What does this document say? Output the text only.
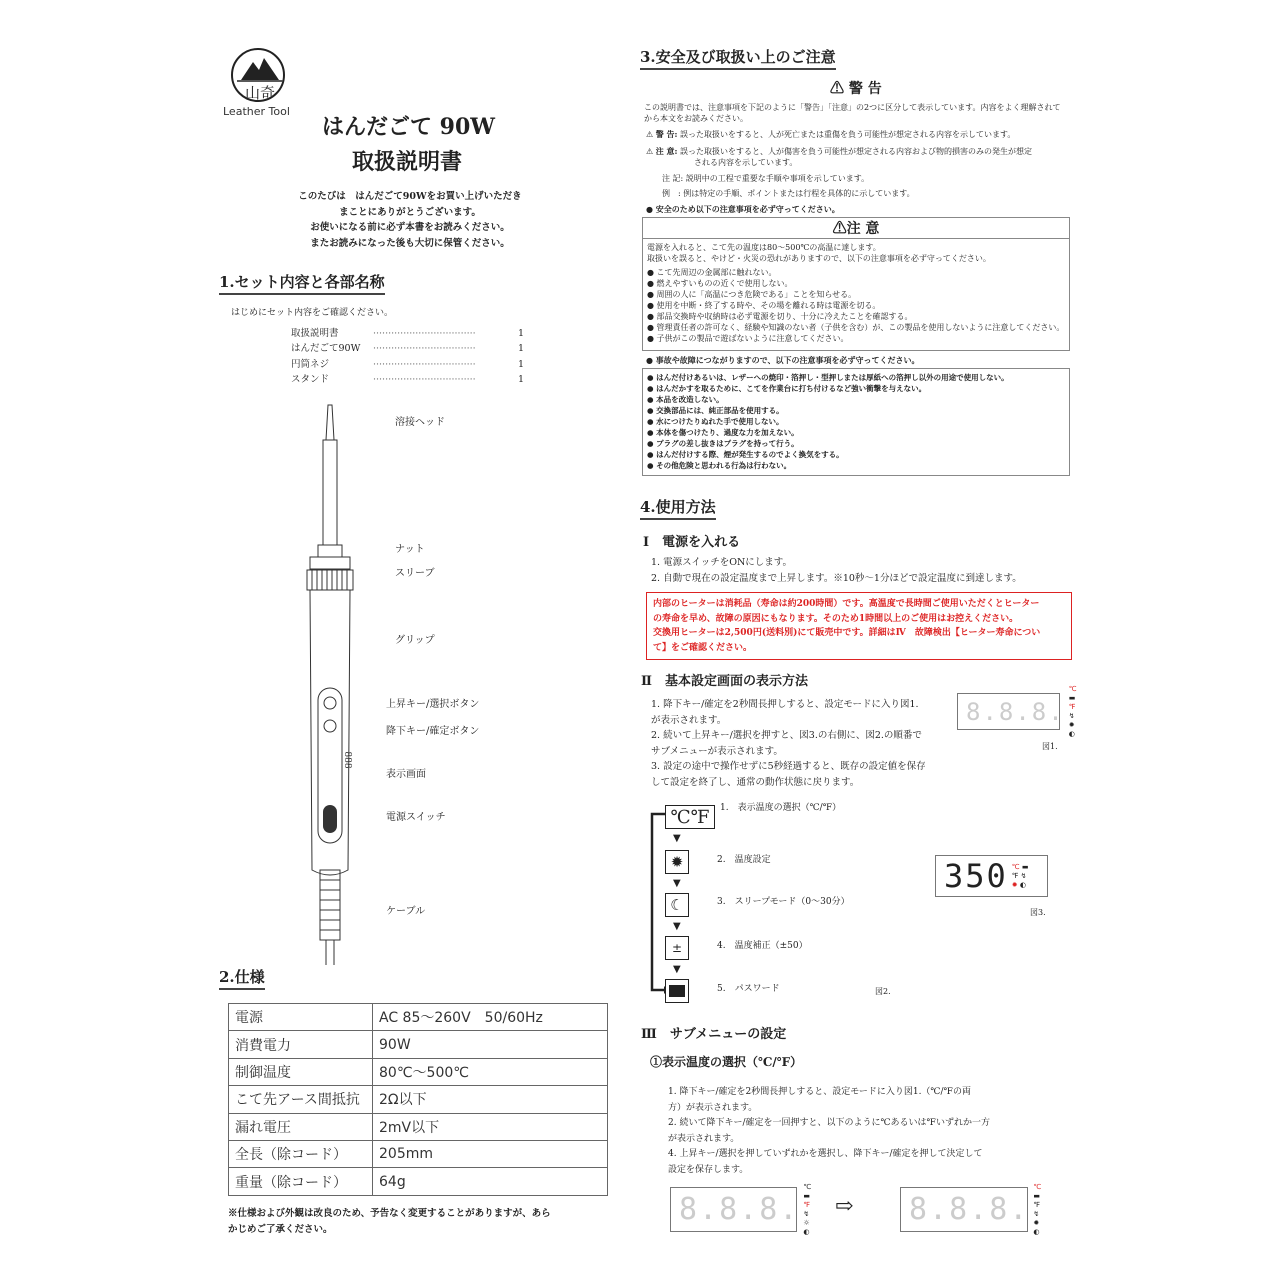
山奇
Leather Tool
はんだごて 90W
取扱説明書
このたびは　はんだごて90Wをお買い上げいただき
まことにありがとうございます。
お使いになる前に必ず本書をお読みください。
またお読みになった後も大切に保管ください。
1.セット内容と各部名称
はじめにセット内容をご確認ください。
取扱説明書	··································	1
はんだごて90W ··································	1
円筒ネジ	··································	1
スタンド	··································	1
888
溶接ヘッド
ナット
スリーブ
グリップ
上昇キー/選択ボタン
降下キー/確定ボタン
表示画面
電源スイッチ
ケーブル
2.仕様
電源	AC 85〜260V　50/60Hz
消費電力	90W
制御温度	80℃〜500℃
こて先アース間抵抗	2Ω以下
漏れ電圧	2mV以下
全長（除コード）	205mm
重量（除コード）	64g
※仕様および外観は改良のため、予告なく変更することがありますが、あら
かじめご了承ください。
3.安全及び取扱い上のご注意
⚠ 警 告
この説明書では、注意事項を下記のように「警告」「注意」の2つに区分して表示しています。内容をよく理解されて
から本文をお読みください。
⚠ 警 告: 誤った取扱いをすると、人が死亡または重傷を負う可能性が想定される内容を示しています。
⚠ 注 意: 誤った取扱いをすると、人が傷害を負う可能性が想定される内容および物的損害のみの発生が想定
される内容を示しています。
注 記: 説明中の工程で重要な手順や事項を示しています。
例　: 例は特定の手順、ポイントまたは行程を具体的に示しています。
● 安全のため以下の注意事項を必ず守ってください。
⚠注 意
電源を入れると、こて先の温度は80〜500℃の高温に達します。
取扱いを誤ると、やけど・火災の恐れがありますので、以下の注意事項を必ず守ってください。
● こて先周辺の金属部に触れない。
● 燃えやすいものの近くで使用しない。
● 周囲の人に「高温につき危険である」ことを知らせる。
● 使用を中断・終了する時や、その場を離れる時は電源を切る。
● 部品交換時や収納時は必ず電源を切り、十分に冷えたことを確認する。
● 管理責任者の許可なく、経験や知識のない者（子供を含む）が、この製品を使用しないように注意してください。
● 子供がこの製品で遊ばないように注意してください。
● 事故や故障につながりますので、以下の注意事項を必ず守ってください。
● はんだ付けあるいは、レザーへの焼印・箔押し・型押しまたは厚紙への箔押し以外の用途で使用しない。
● はんだかすを取るために、こてを作業台に打ち付けるなど強い衝撃を与えない。
● 本品を改造しない。
● 交換部品には、純正部品を使用する。
● 水につけたりぬれた手で使用しない。
● 本体を傷つけたり、過度な力を加えない。
● プラグの差し抜きはプラグを持って行う。
● はんだ付けする際、煙が発生するのでよく換気をする。
● その他危険と思われる行為は行わない。
4.使用方法
Ⅰ　電源を入れる
1. 電源スイッチをONにします。
2. 自動で現在の設定温度まで上昇します。※10秒〜1分ほどで設定温度に到達します。
内部のヒーターは消耗品（寿命は約200時間）です。高温度で長時間ご使用いただくとヒーター
の寿命を早め、故障の原因にもなります。そのため1時間以上のご使用はお控えください。
交換用ヒーターは2,500円(送料別)にて販売中です。詳細はⅣ　故障検出【ヒーター寿命につい
て】をご確認ください。
Ⅱ　基本設定画面の表示方法
1. 降下キー/確定を2秒間長押しすると、設定モードに入り図1.
が表示されます。
2. 続いて上昇キー/選択を押すと、図3.の右側に、図2.の順番で
サブメニューが表示されます。
3. 設定の途中で操作せずに5秒経過すると、既存の設定値を保存
して設定を終了し、通常の動作状態に戻ります。
8.8.8.
℃ ▬
℉ ↯
✹ ◐
図1.
℃℉
▼
✹
▼
☾
▼
±
▼
1.　表示温度の選択（℃/℉）
2.　温度設定
3.　スリープモード（0〜30分）
4.　温度補正（±50）
5.　パスワード	図2.
350 ℃ ▬
℉ ↯
✹ ◐
図3.
Ⅲ　サブメニューの設定
①表示温度の選択（℃/℉）
1. 降下キー/確定を2秒間長押しすると、設定モードに入り図1.（℃/℉の両
方）が表示されます。
2. 続いて降下キー/確定を一回押すと、以下のように℃あるいは℉いずれか一方
が表示されます。
4. 上昇キー/選択を押していずれかを選択し、降下キー/確定を押して決定して
設定を保存します。
8.8.8.
℃ ▬
℉ ↯
☼ ◐
⇨ 8.8.8.
℃ ▬
℉ ↯
✹ ◐
